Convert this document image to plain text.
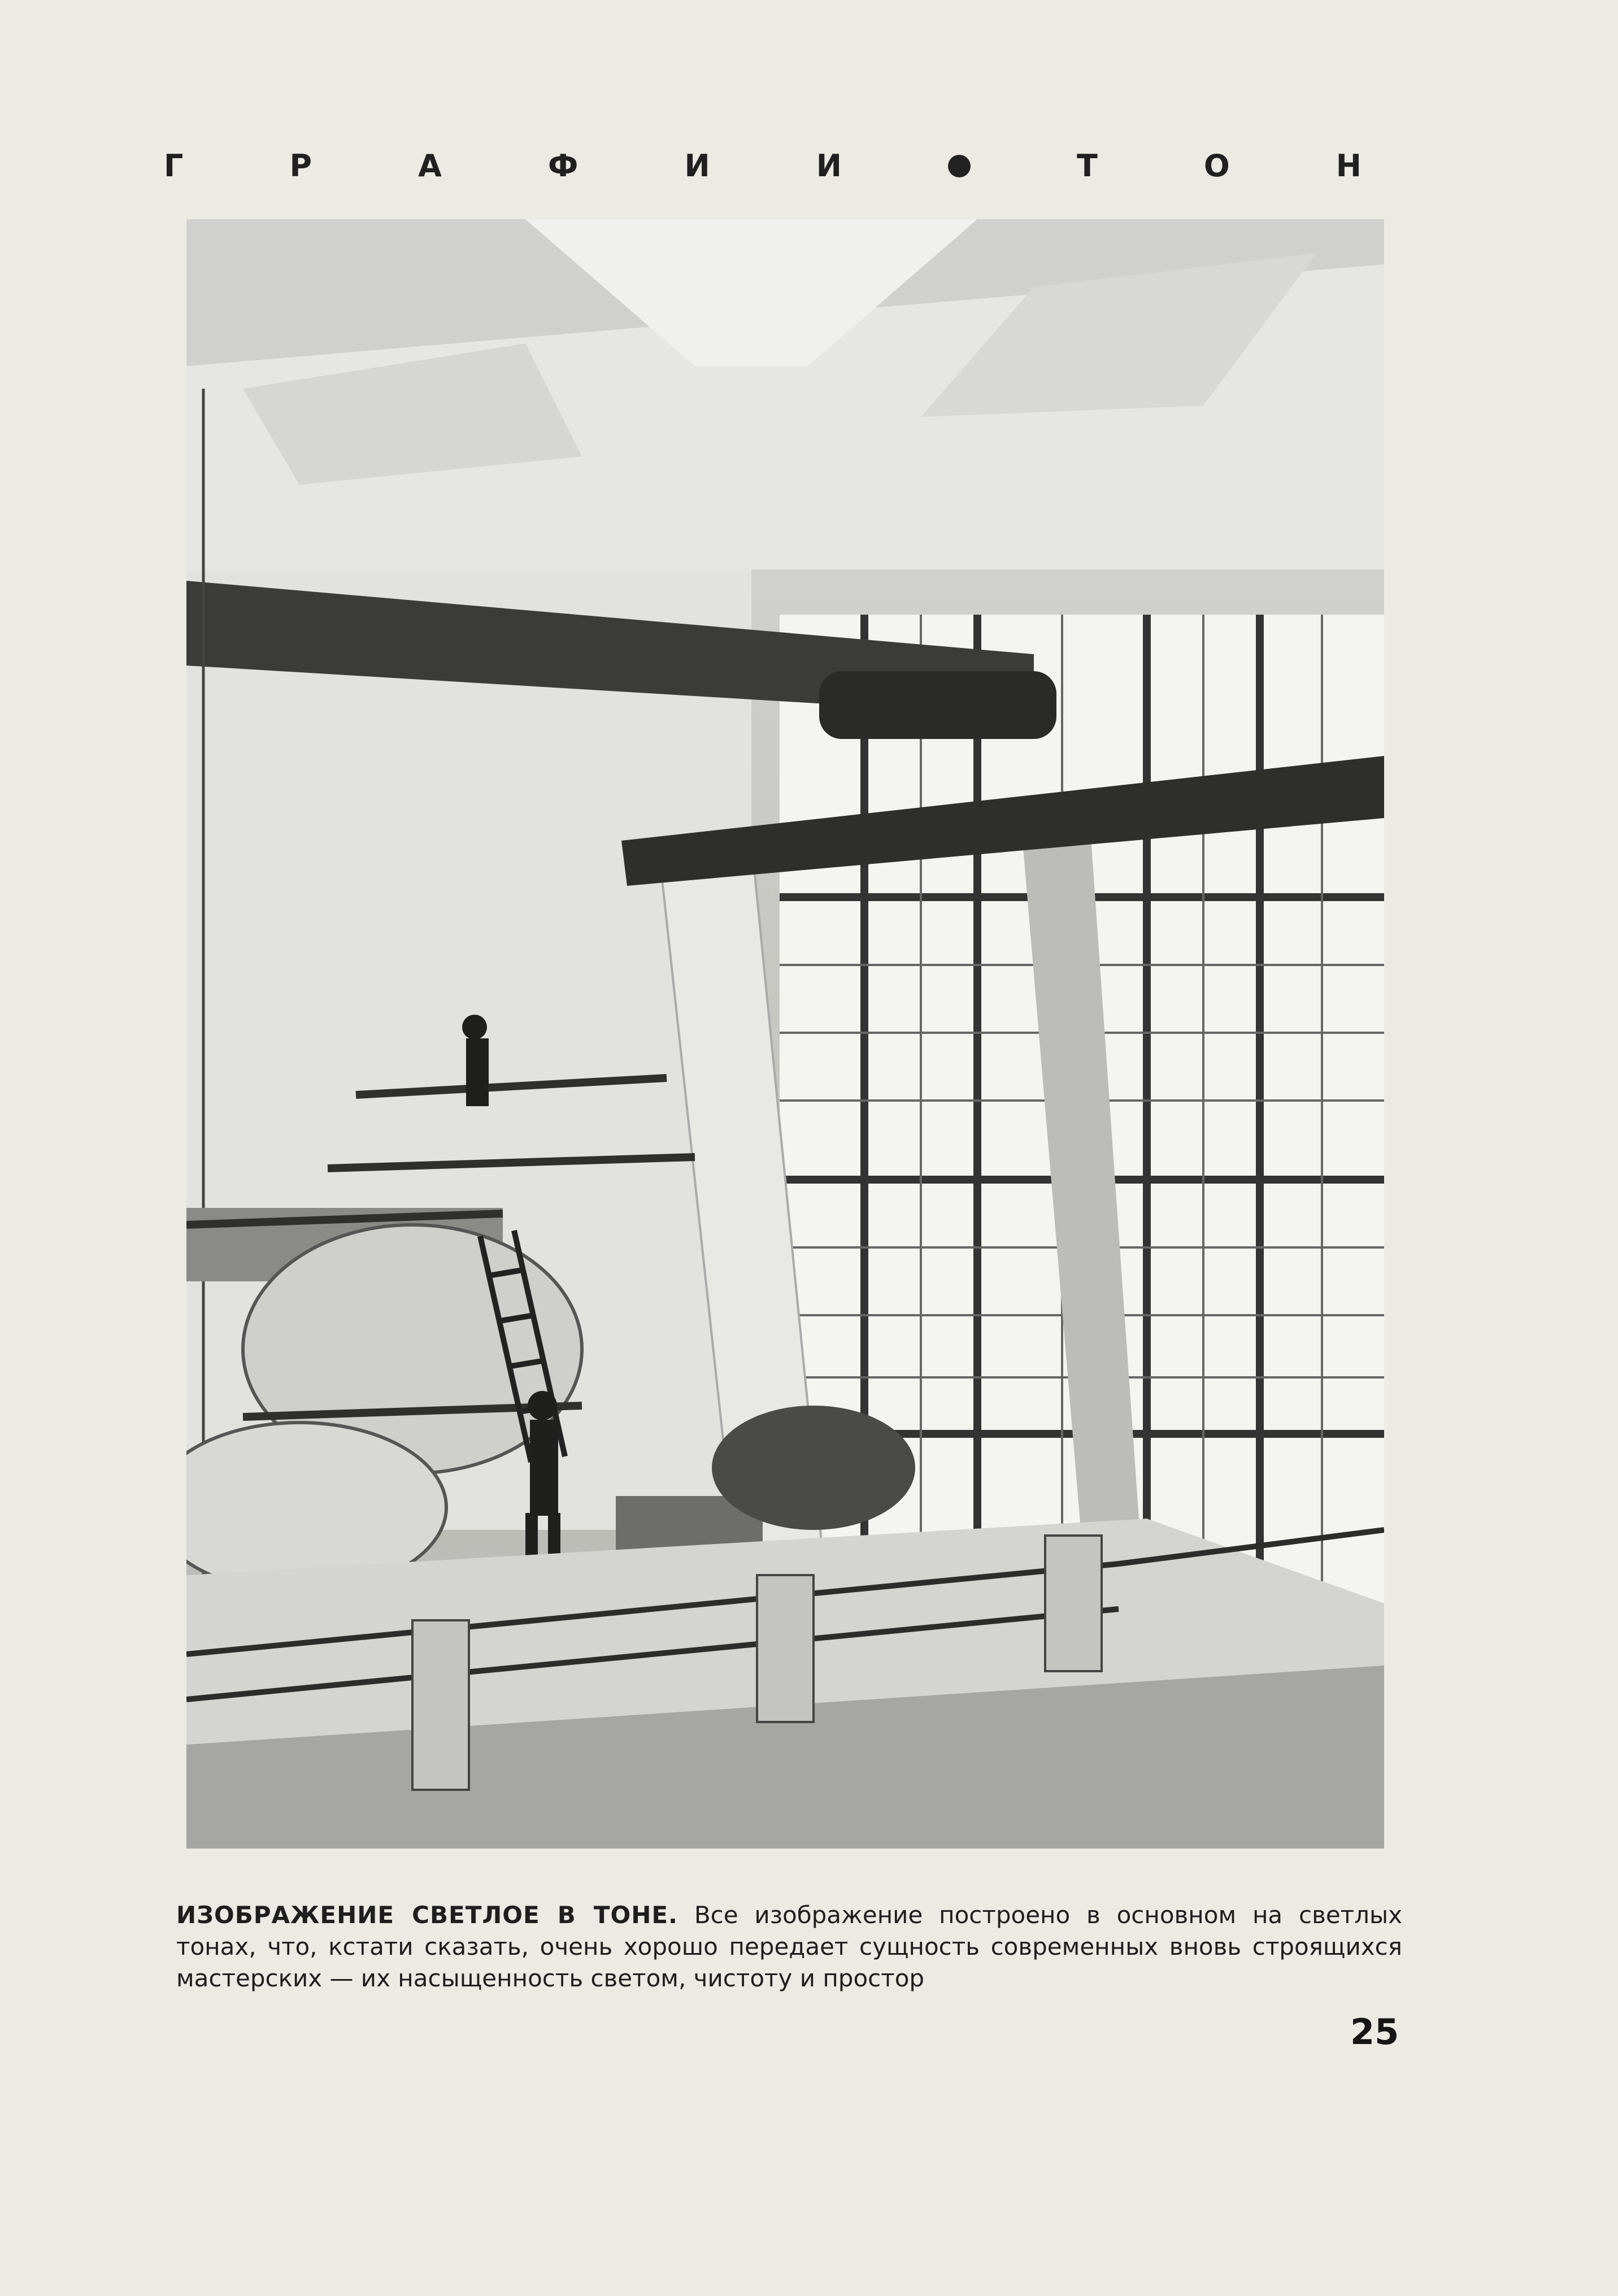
Г	Р	А	Ф	И	И	Т	О	Н
ИЗОБРАЖЕНИЕ СВЕТЛОЕ В ТОНЕ. Все изображение построено в основном на светлых тонах, что, кстати сказать, очень хорошо передает сущность современных вновь строящихся мастерских — их насыщенность светом, чистоту и простор
25
